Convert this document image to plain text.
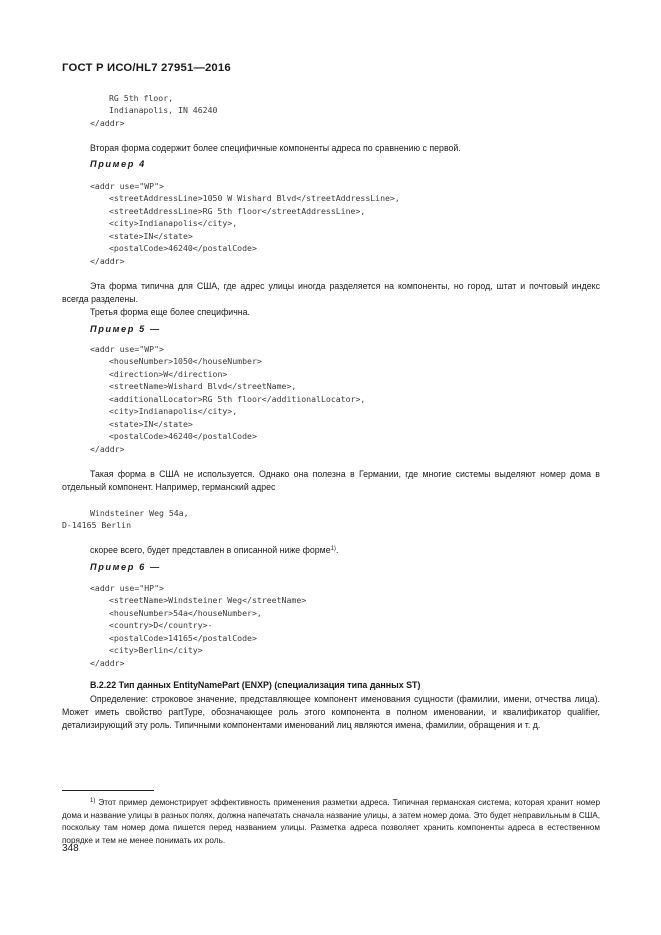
ГОСТ Р ИСО/HL7 27951—2016
RG 5th floor,
Indianapolis, IN 46240
</addr>
Вторая форма содержит более специфичные компоненты адреса по сравнению с первой.
Пример 4
<addr use="WP">
<streetAddressLine>1050 W Wishard Blvd</streetAddressLine>,
<streetAddressLine>RG 5th floor</streetAddressLine>,
<city>Indianapolis</city>,
<state>IN</state>
<postalCode>46240</postalCode>
</addr>
Эта форма типична для США, где адрес улицы иногда разделяется на компоненты, но город, штат и почтовый индекс всегда разделены.
Третья форма еще более специфична.
Пример 5 —
<addr use="WP">
<houseNumber>1050</houseNumber>
<direction>W</direction>
<streetName>Wishard Blvd</streetName>,
<additionalLocator>RG 5th floor</additionalLocator>,
<city>Indianapolis</city>,
<state>IN</state>
<postalCode>46240</postalCode>
</addr>
Такая форма в США не используется. Однако она полезна в Германии, где многие системы выделяют номер дома в отдельный компонент. Например, германский адрес
Windsteiner Weg 54a,
D-14165 Berlin
скорее всего, будет представлен в описанной ниже форме$^{1)}$.
Пример 6 —
<addr use="HP">
<streetName>Windsteiner Weg</streetName>
<houseNumber>54a</houseNumber>,
<country>D</country>-
<postalCode>14165</postalCode>
<city>Berlin</city>
</addr>
B.2.22 Тип данных EntityNamePart (ENXP) (специализация типа данных ST)
Определение: строковое значение, представляющее компонент именования сущности (фамилии, имени, отчества лица). Может иметь свойство partType, обозначающее роль этого компонента в полном именовании, и квалификатор qualifier, детализирующий эту роль. Типичными компонентами именований лиц являются имена, фамилии, обращения и т. д.
$^{1)}$ Этот пример демонстрирует эффективность применения разметки адреса. Типичная германская система, которая хранит номер дома и название улицы в разных полях, должна напечатать сначала название улицы, а затем номер дома. Это будет неправильным в США, поскольку там номер дома пишется перед названием улицы. Разметка адреса позволяет хранить компоненты адреса в естественном порядке и тем не менее понимать их роль.
348
